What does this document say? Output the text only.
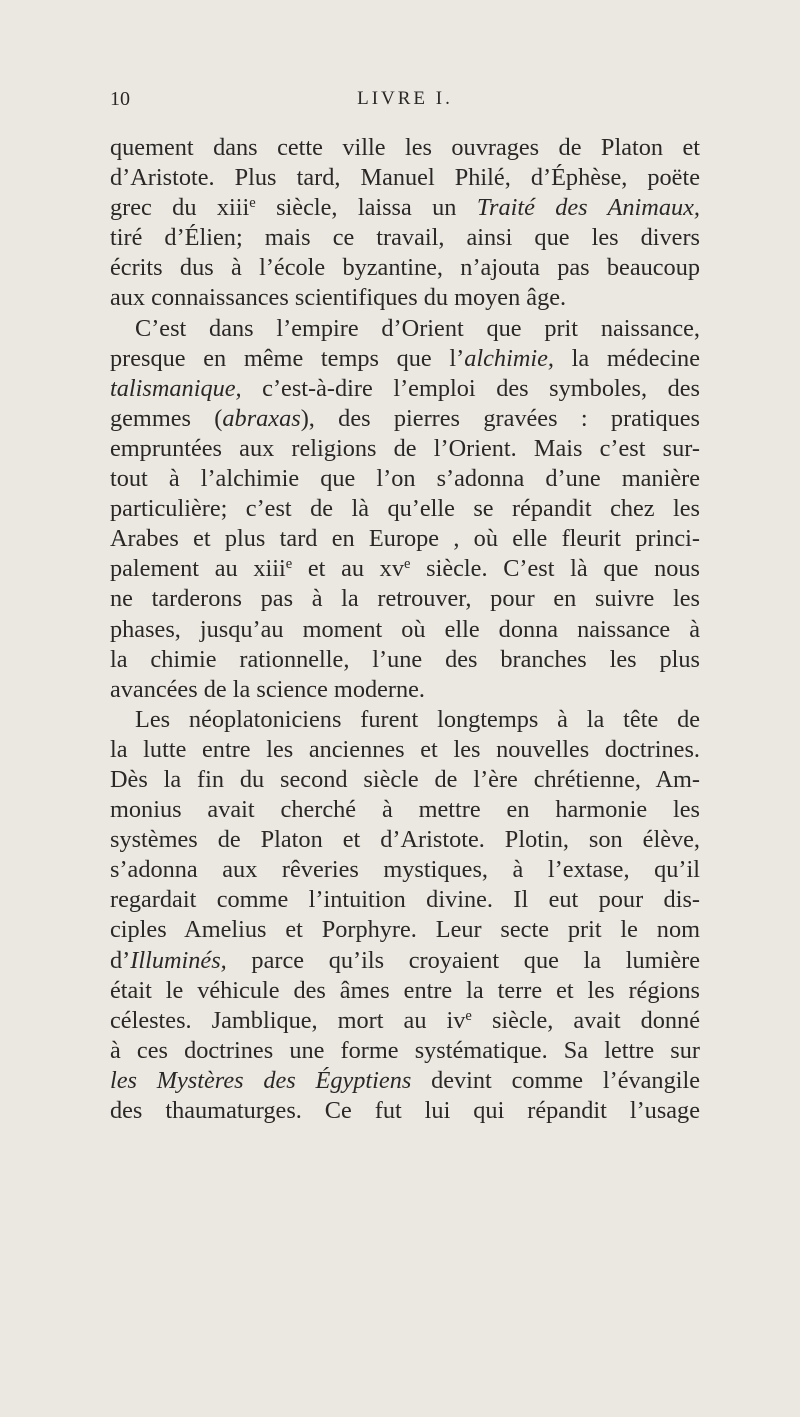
10	LIVRE I.
quement dans cette ville les ouvrages de Platon et
d’Aristote. Plus tard, Manuel Philé, d’Éphèse, poëte
grec du xiii$^e$ siècle, laissa un Traité des Animaux,
tiré d’Élien; mais ce travail, ainsi que les divers
écrits dus à l’école byzantine, n’ajouta pas beaucoup
aux connaissances scientifiques du moyen âge.
C’est dans l’empire d’Orient que prit naissance,
presque en même temps que l’alchimie, la médecine
talismanique, c’est-à-dire l’emploi des symboles, des
gemmes (abraxas), des pierres gravées : pratiques
empruntées aux religions de l’Orient. Mais c’est sur-
tout à l’alchimie que l’on s’adonna d’une manière
particulière; c’est de là qu’elle se répandit chez les
Arabes et plus tard en Europe , où elle fleurit princi-
palement au xiii$^e$ et au $xv^e$ siècle. C’est là que nous
ne tarderons pas à la retrouver, pour en suivre les
phases, jusqu’au moment où elle donna naissance à
la chimie rationnelle, l’une des branches les plus
avancées de la science moderne.
Les néoplatoniciens furent longtemps à la tête de
la lutte entre les anciennes et les nouvelles doctrines.
Dès la fin du second siècle de l’ère chrétienne, Am-
monius avait cherché à mettre en harmonie les
systèmes de Platon et d’Aristote. Plotin, son élève,
s’adonna aux rêveries mystiques, à l’extase, qu’il
regardait comme l’intuition divine. Il eut pour dis-
ciples Amelius et Porphyre. Leur secte prit le nom
d’Illuminés, parce qu’ils croyaient que la lumière
était le véhicule des âmes entre la terre et les régions
célestes. Jamblique, mort au $iv^e$ siècle, avait donné
à ces doctrines une forme systématique. Sa lettre sur
les Mystères des Égyptiens devint comme l’évangile
des thaumaturges. Ce fut lui qui répandit l’usage
